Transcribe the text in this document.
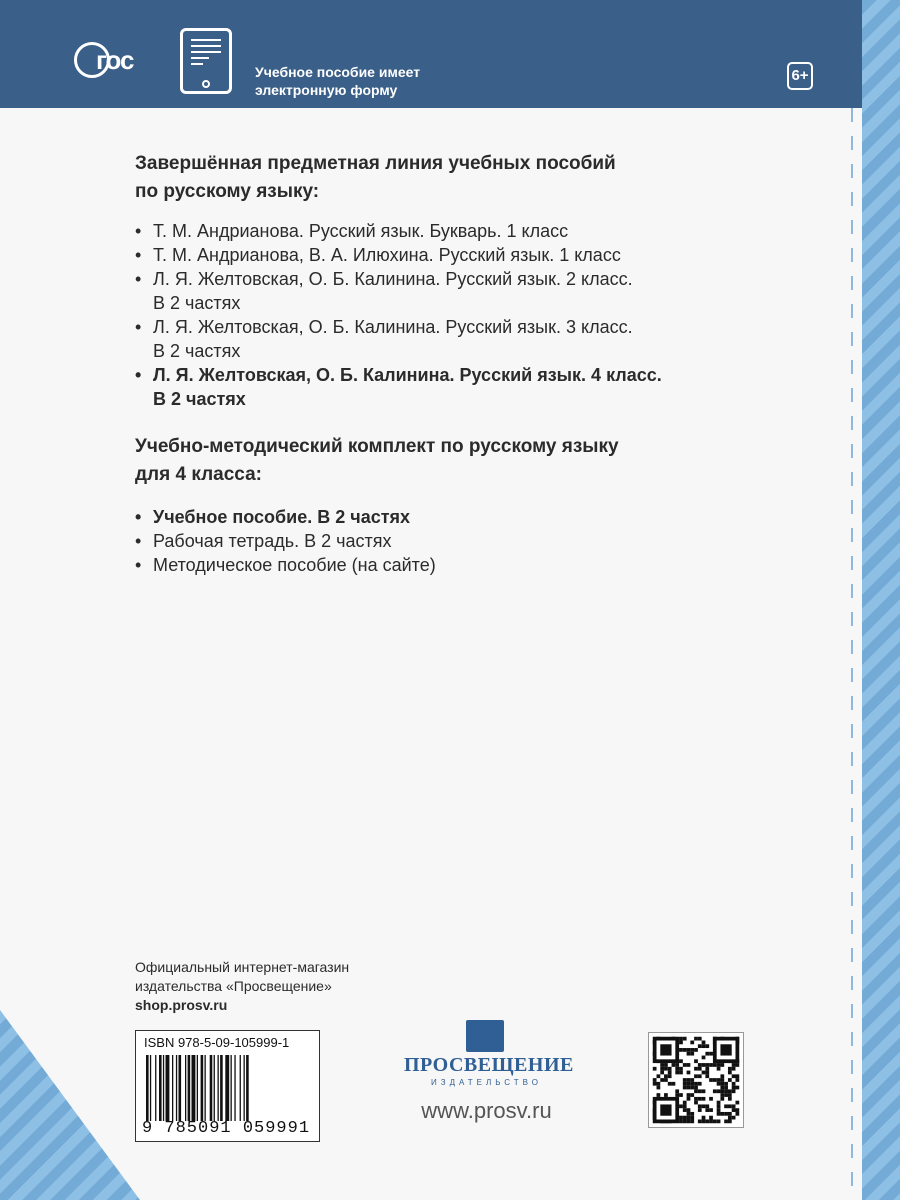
гос	Учебное пособие имеет
электронную форму
6+
Завершённая предметная линия учебных пособий
по русскому языку:
• Т. М. Андрианова. Русский язык. Букварь. 1 класс
• Т. М. Андрианова, В. А. Илюхина. Русский язык. 1 класс
• Л. Я. Желтовская, О. Б. Калинина. Русский язык. 2 класс.
В 2 частях
• Л. Я. Желтовская, О. Б. Калинина. Русский язык. 3 класс.
В 2 частях
• Л. Я. Желтовская, О. Б. Калинина. Русский язык. 4 класс.
В 2 частях
Учебно-методический комплект по русскому языку
для 4 класса:
• Учебное пособие. В 2 частях
• Рабочая тетрадь. В 2 частях
• Методическое пособие (на сайте)
Официальный интернет-магазин
издательства «Просвещение»
shop.prosv.ru
ISBN 978-5-09-105999-1
9 785091 059991
ПРОСВЕЩЕНИЕ
ИЗДАТЕЛЬСТВО
www.prosv.ru
